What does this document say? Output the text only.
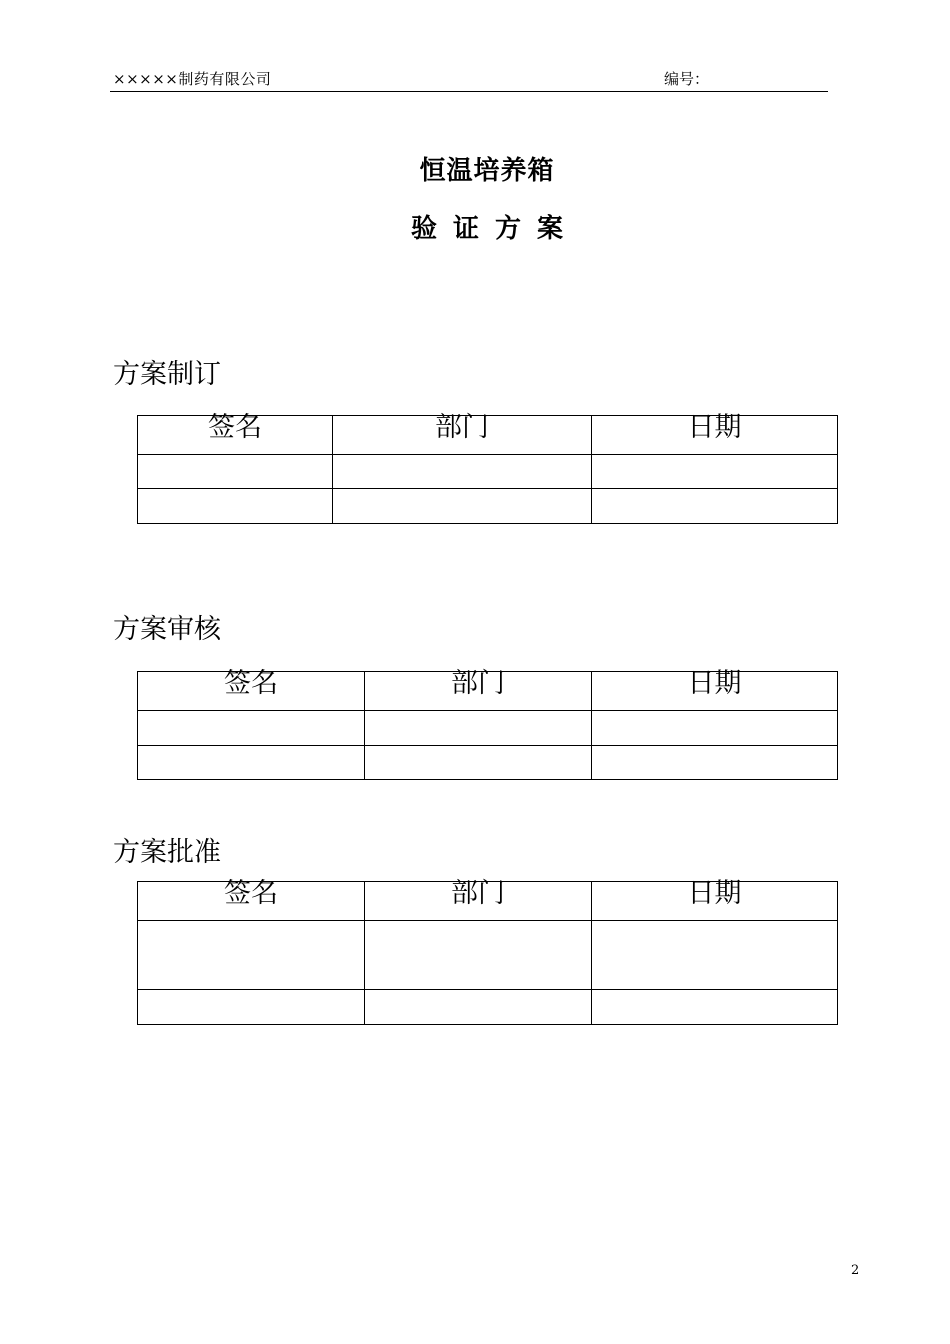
×××××制药有限公司	编号：
恒温培养箱
验证方案
方案制订
签名	部门	日期

方案审核
签名	部门	日期

方案批准
签名	部门	日期

2
